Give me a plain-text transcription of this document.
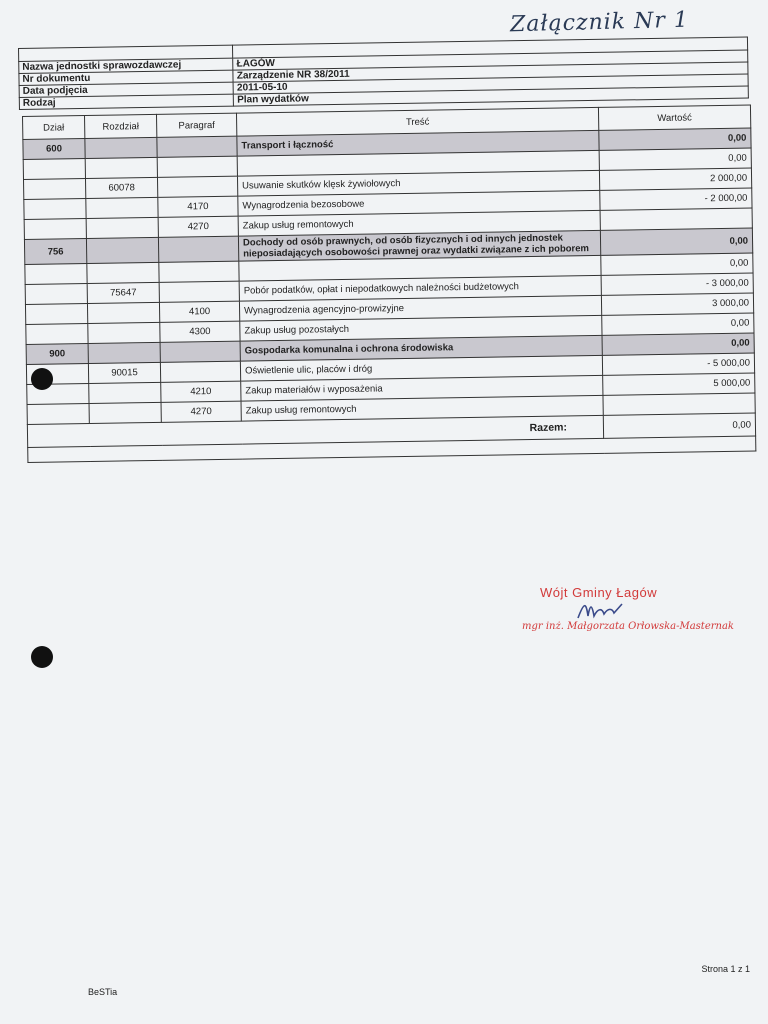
Załącznik Nr 1

Nazwa jednostki sprawozdawczej	ŁAGÓW
Nr dokumentu	Zarządzenie NR 38/2011
Data podjęcia	2011-05-10
Rodzaj	Plan wydatków
Dział	Rozdział	Paragraf	Treść	Wartość
600			Transport i łączność	0,00
				0,00
	60078		Usuwanie skutków klęsk żywiołowych	2 000,00
		4170	Wynagrodzenia bezosobowe	- 2 000,00
		4270	Zakup usług remontowych	
756			Dochody od osób prawnych, od osób fizycznych i od innych jednostek nieposiadających osobowości prawnej oraz wydatki związane z ich poborem	0,00
				0,00
	75647		Pobór podatków, opłat i niepodatkowych należności budżetowych	- 3 000,00
		4100	Wynagrodzenia agencyjno-prowizyjne	3 000,00
		4300	Zakup usług pozostałych	0,00
900			Gospodarka komunalna i ochrona środowiska	0,00
	90015		Oświetlenie ulic, placów i dróg	- 5 000,00
		4210	Zakup materiałów i wyposażenia	5 000,00
		4270	Zakup usług remontowych	
Razem:				0,00

Wójt Gminy Łagów
mgr inż. Małgorzata Orłowska-Masternak
Strona 1 z 1
BeSTia
